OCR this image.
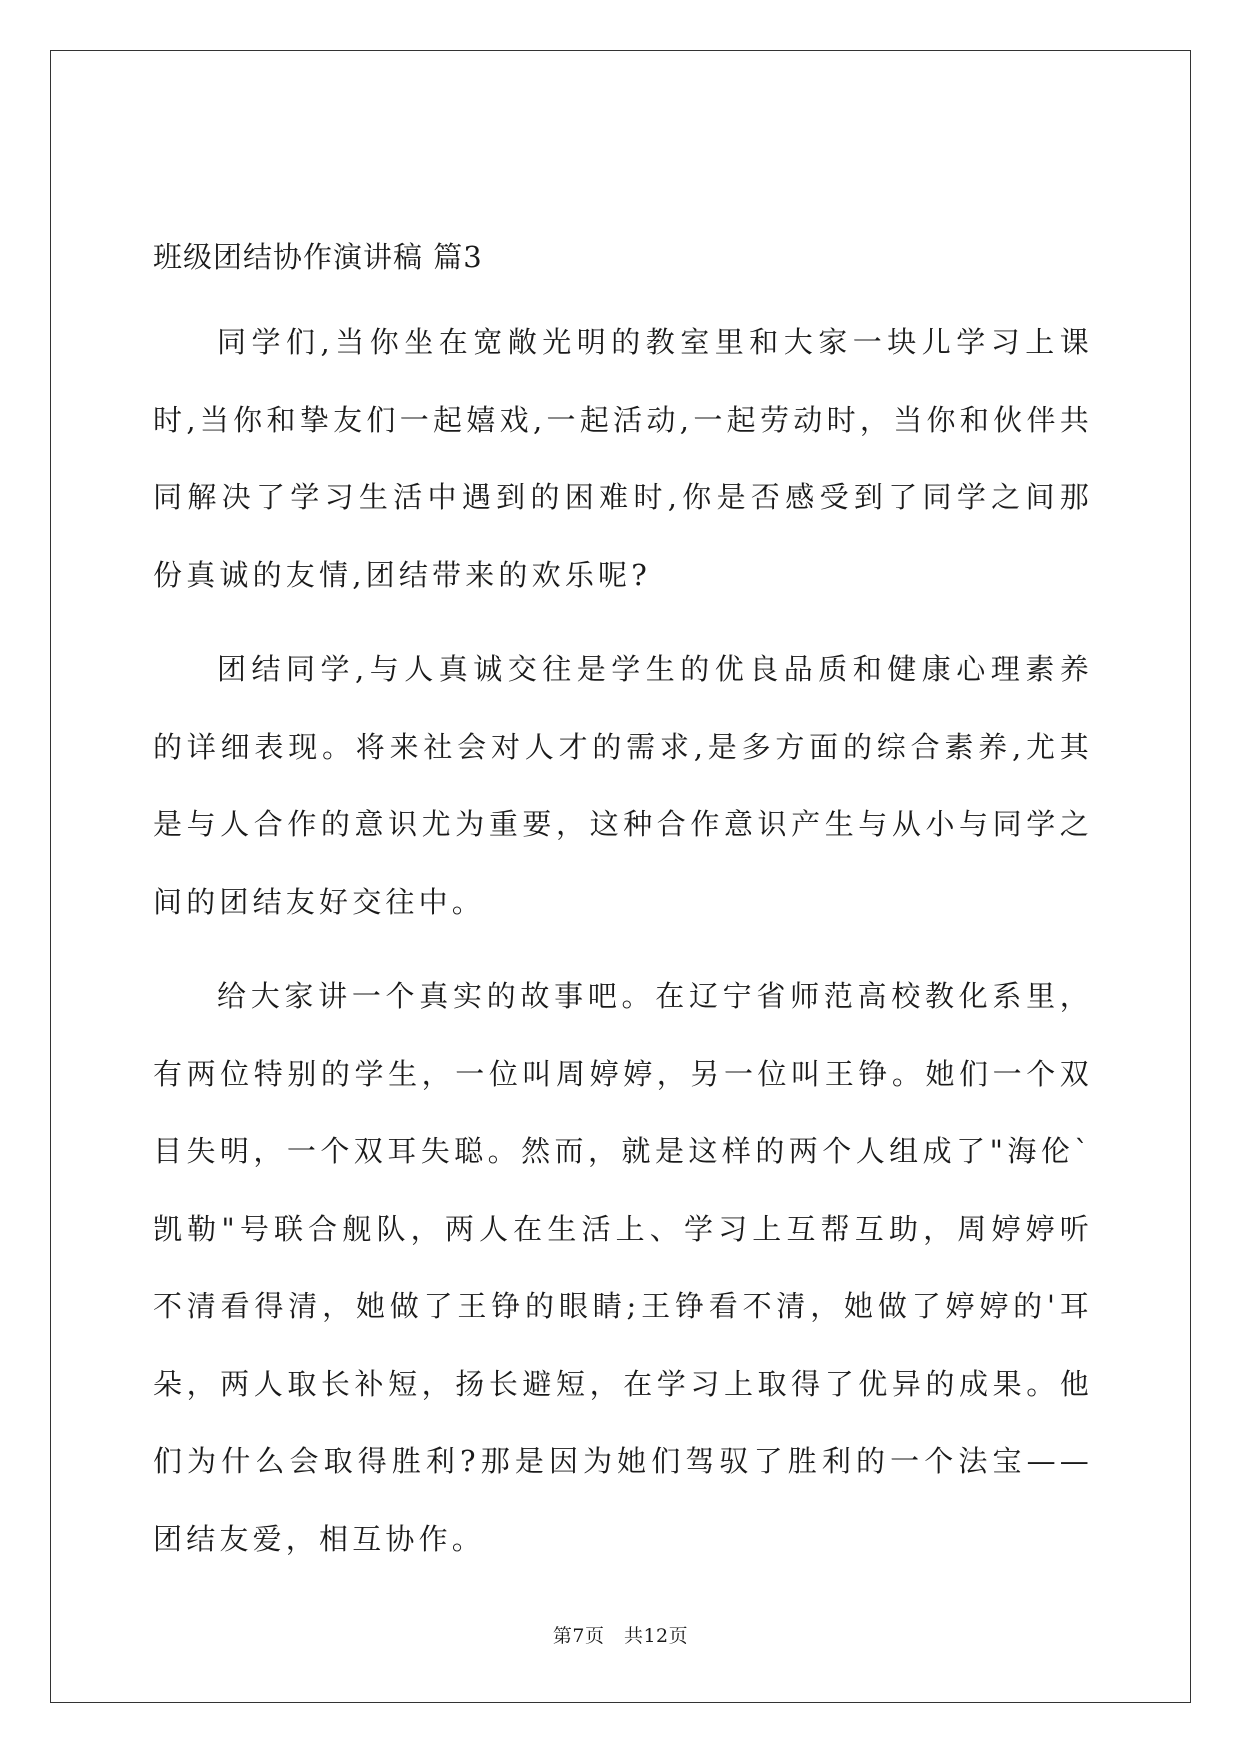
班级团结协作演讲稿 篇3

同学们,当你坐在宽敞光明的教室里和大家一块儿学习上课时,当你和挚友们一起嬉戏,一起活动,一起劳动时，当你和伙伴共同解决了学习生活中遇到的困难时,你是否感受到了同学之间那份真诚的友情,团结带来的欢乐呢?

团结同学,与人真诚交往是学生的优良品质和健康心理素养的详细表现。将来社会对人才的需求,是多方面的综合素养,尤其是与人合作的意识尤为重要，这种合作意识产生与从小与同学之间的团结友好交往中。

给大家讲一个真实的故事吧。在辽宁省师范高校教化系里，有两位特别的学生，一位叫周婷婷，另一位叫王铮。她们一个双目失明，一个双耳失聪。然而，就是这样的两个人组成了"海伦`凯勒"号联合舰队，两人在生活上、学习上互帮互助，周婷婷听不清看得清，她做了王铮的眼睛;王铮看不清，她做了婷婷的'耳朵，两人取长补短，扬长避短，在学习上取得了优异的成果。他们为什么会取得胜利?那是因为她们驾驭了胜利的一个法宝——团结友爱，相互协作。

第7页　共12页
